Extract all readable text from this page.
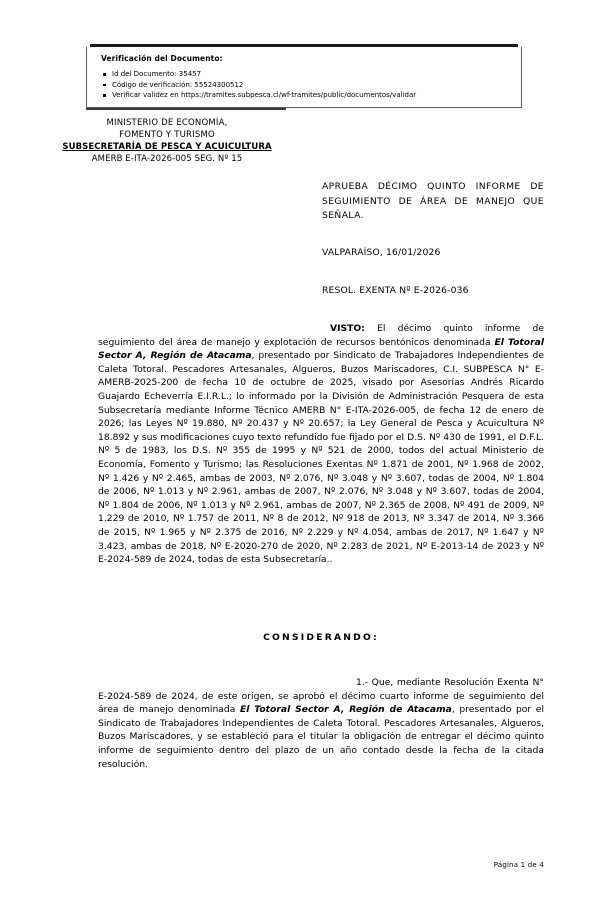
Verificación del Documento:
Id del Documento: 35457
Código de verificación: 55524300512
Verificar validez en https://tramites.subpesca.cl/wf-tramites/public/documentos/validar
MINISTERIO DE ECONOMÍA,
FOMENTO Y TURISMO
SUBSECRETARÍA DE PESCA Y ACUICULTURA
AMERB E-ITA-2026-005 SEG. Nº 15
APRUEBA DÉCIMO QUINTO INFORME DE SEGUIMIENTO DE ÁREA DE MANEJO QUE SEÑALA.
VALPARAÍSO, 16/01/2026
RESOL. EXENTA Nº E-2026-036

VISTO: El décimo quinto informe de seguimiento del área de manejo y explotación de recursos bentónicos denominada El Totoral Sector A, Región de Atacama, presentado por Sindicato de Trabajadores Independientes de Caleta Totoral. Pescadores Artesanales, Algueros, Buzos Mariscadores, C.I. SUBPESCA N° E-AMERB-2025-200 de fecha 10 de octubre de 2025, visado por Asesorías Andrés Ricardo Guajardo Echeverría E.I.R.L.; lo informado por la División de Administración Pesquera de esta Subsecretaría mediante Informe Técnico AMERB N° E-ITA-2026-005, de fecha 12 de enero de 2026; las Leyes Nº 19.880, Nº 20.437 y Nº 20.657; la Ley General de Pesca y Acuicultura Nº 18.892 y sus modificaciones cuyo texto refundido fue fijado por el D.S. Nº 430 de 1991, el D.F.L. Nº 5 de 1983, los D.S. Nº 355 de 1995 y Nº 521 de 2000, todos del actual Ministerio de Economía, Fomento y Turismo; las Resoluciones Exentas Nº 1.871 de 2001, Nº 1.968 de 2002, Nº 1.426 y Nº 2.465, ambas de 2003, Nº 2.076, Nº 3.048 y Nº 3.607, todas de 2004, Nº 1.804 de 2006, Nº 1.013 y Nº 2.961, ambas de 2007, Nº 2.076, Nº 3.048 y Nº 3.607, todas de 2004, Nº 1.804 de 2006, Nº 1.013 y Nº 2.961, ambas de 2007, Nº 2.365 de 2008, Nº 491 de 2009, Nº 1.229 de 2010, Nº 1.757 de 2011, Nº 8 de 2012, Nº 918 de 2013, Nº 3.347 de 2014, Nº 3.366 de 2015, Nº 1.965 y Nº 2.375 de 2016, Nº 2.229 y Nº 4.054, ambas de 2017, Nº 1.647 y Nº 3.423, ambas de 2018, Nº E-2020-270 de 2020, Nº 2.283 de 2021, Nº E-2013-14 de 2023 y Nº E-2024-589 de 2024, todas de esta Subsecretaría..

CONSIDERANDO:

1.- Que, mediante Resolución Exenta N° E-2024-589 de 2024, de este origen, se aprobó el décimo cuarto informe de seguimiento del área de manejo denominada El Totoral Sector A, Región de Atacama, presentado por el Sindicato de Trabajadores Independientes de Caleta Totoral. Pescadores Artesanales, Algueros, Buzos Mariscadores, y se estableció para el titular la obligación de entregar el décimo quinto informe de seguimiento dentro del plazo de un año contado desde la fecha de la citada resolución.

Página 1 de 4
